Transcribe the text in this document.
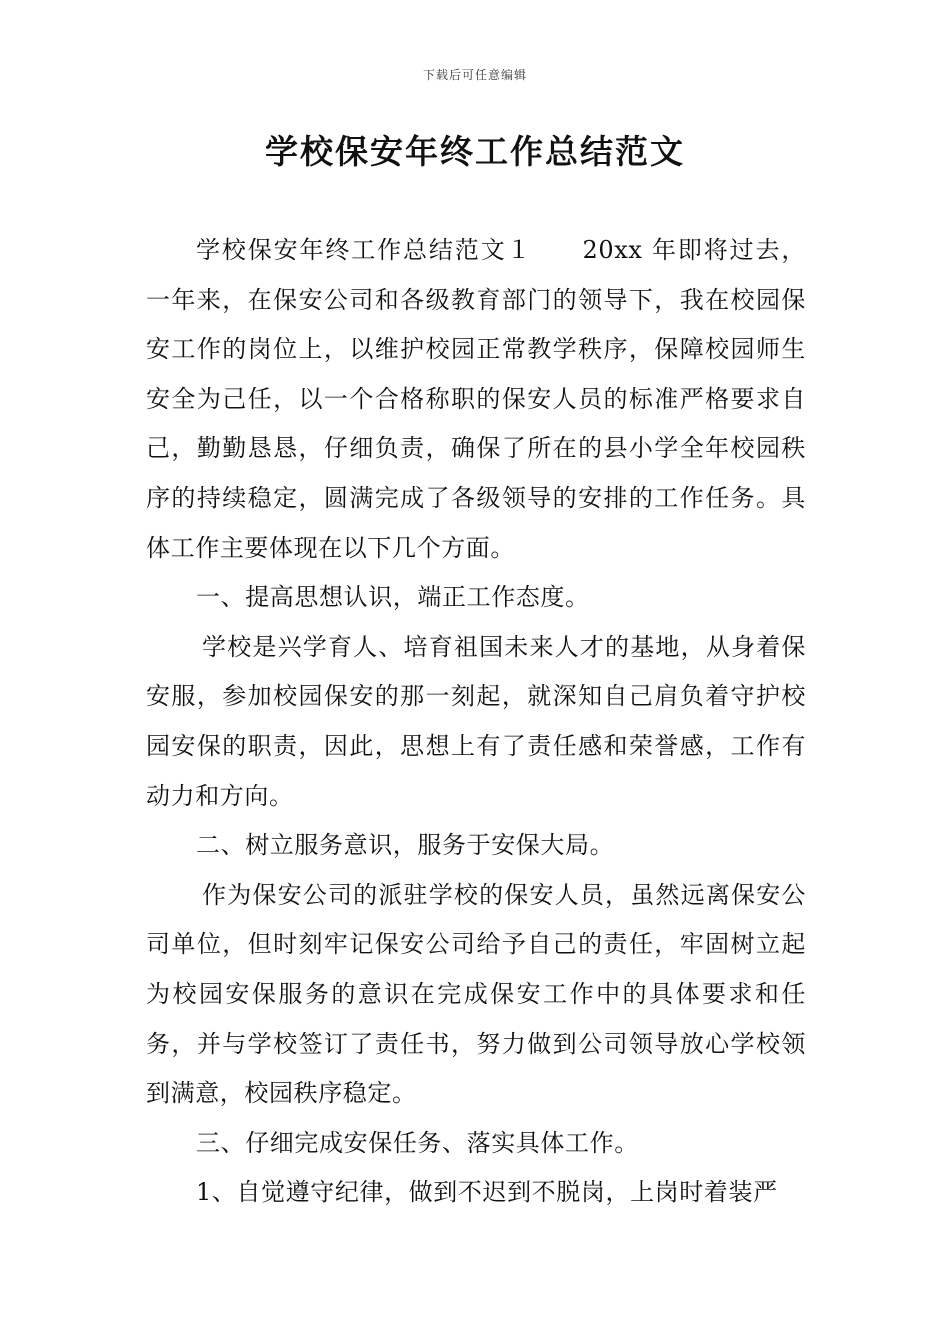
下载后可任意编辑
学校保安年终工作总结范文

学校保安年终工作总结范文１ 20xx 年即将过去，一年来，在保安公司和各级教育部门的领导下，我在校园保安工作的岗位上，以维护校园正常教学秩序，保障校园师生安全为己任，以一个合格称职的保安人员的标准严格要求自己，勤勤恳恳，仔细负责，确保了所在的县小学全年校园秩序的持续稳定，圆满完成了各级领导的安排的工作任务。具体工作主要体现在以下几个方面。

一、提高思想认识，端正工作态度。

学校是兴学育人、培育祖国未来人才的基地，从身着保安服，参加校园保安的那一刻起，就深知自己肩负着守护校园安保的职责，因此，思想上有了责任感和荣誉感，工作有动力和方向。

二、树立服务意识，服务于安保大局。

作为保安公司的派驻学校的保安人员，虽然远离保安公司单位，但时刻牢记保安公司给予自己的责任，牢固树立起为校园安保服务的意识在完成保安工作中的具体要求和任务，并与学校签订了责任书，努力做到公司领导放心学校领到满意，校园秩序稳定。

三、仔细完成安保任务、落实具体工作。

1、自觉遵守纪律，做到不迟到不脱岗，上岗时着装严
